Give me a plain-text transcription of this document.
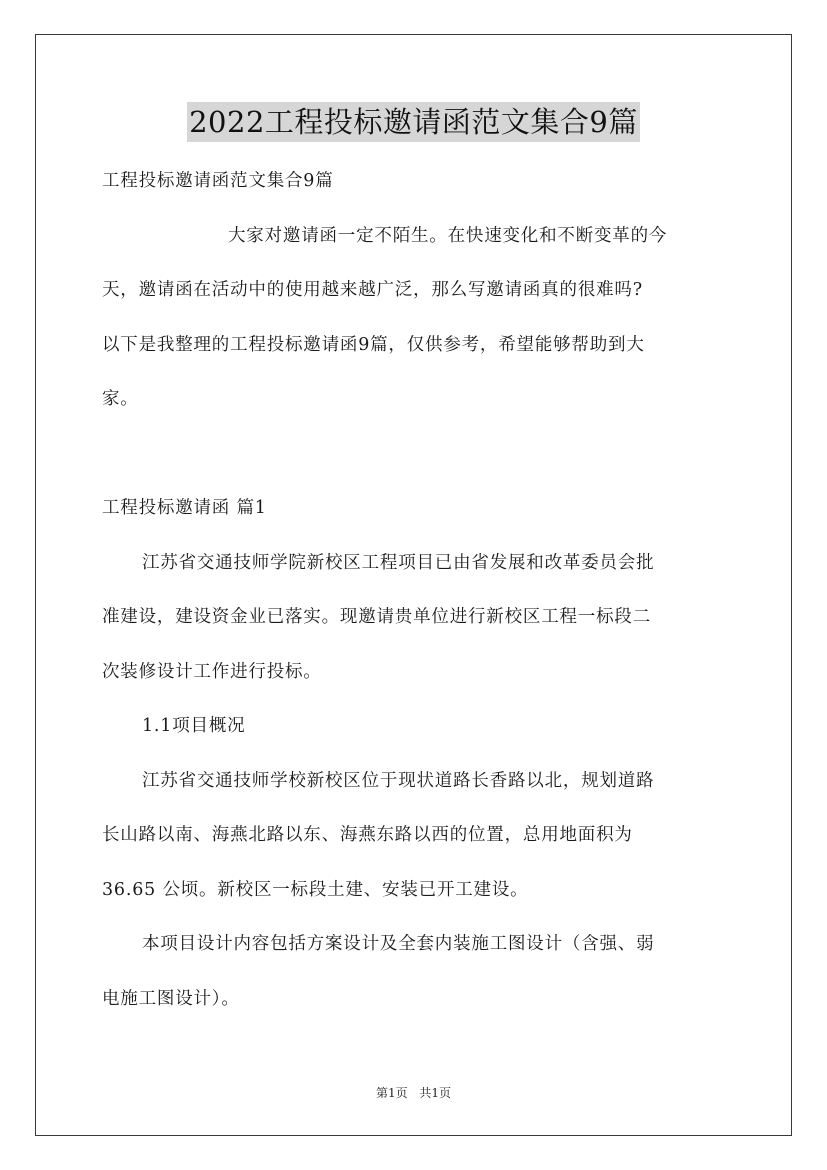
2022工程投标邀请函范文集合9篇
工程投标邀请函范文集合9篇
大家对邀请函一定不陌生。在快速变化和不断变革的今
天，邀请函在活动中的使用越来越广泛，那么写邀请函真的很难吗?
以下是我整理的工程投标邀请函9篇，仅供参考，希望能够帮助到大
家。
工程投标邀请函 篇1
江苏省交通技师学院新校区工程项目已由省发展和改革委员会批
准建设，建设资金业已落实。现邀请贵单位进行新校区工程一标段二
次装修设计工作进行投标。
1.1项目概况
江苏省交通技师学校新校区位于现状道路长香路以北，规划道路
长山路以南、海燕北路以东、海燕东路以西的位置，总用地面积为
36.65 公顷。新校区一标段土建、安装已开工建设。
本项目设计内容包括方案设计及全套内装施工图设计（含强、弱
电施工图设计）。
第1页 共1页
